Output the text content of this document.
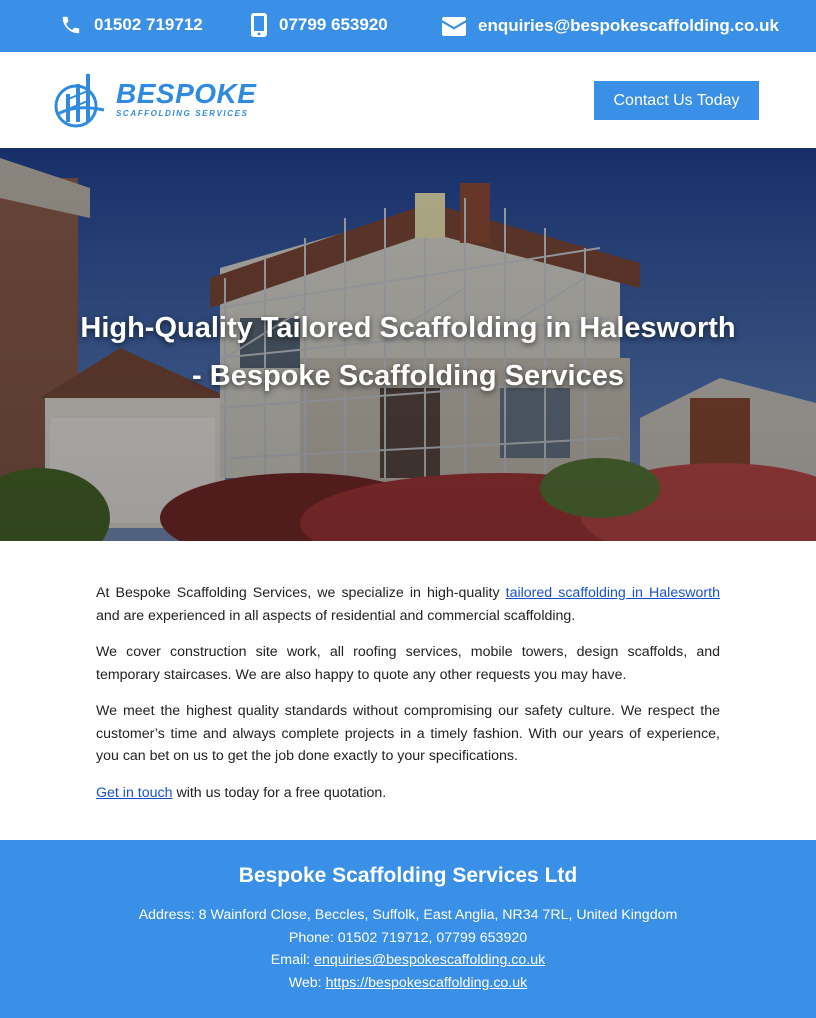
01502 719712	07799 653920	enquiries@bespokescaffolding.co.uk
BESPOKE
SCAFFOLDING SERVICES
Contact Us Today
High-Quality Tailored Scaffolding in Halesworth
- Bespoke Scaffolding Services

At Bespoke Scaffolding Services, we specialize in high-quality tailored scaffolding in Halesworth and are experienced in all aspects of residential and commercial scaffolding.

We cover construction site work, all roofing services, mobile towers, design scaffolds, and temporary staircases. We are also happy to quote any other requests you may have.

We meet the highest quality standards without compromising our safety culture. We respect the customer’s time and always complete projects in a timely fashion. With our years of experience, you can bet on us to get the job done exactly to your specifications.

Get in touch with us today for a free quotation.

Bespoke Scaffolding Services Ltd
Address: 8 Wainford Close, Beccles, Suffolk, East Anglia, NR34 7RL, United Kingdom
Phone: 01502 719712, 07799 653920
Email: enquiries@bespokescaffolding.co.uk
Web: https://bespokescaffolding.co.uk
